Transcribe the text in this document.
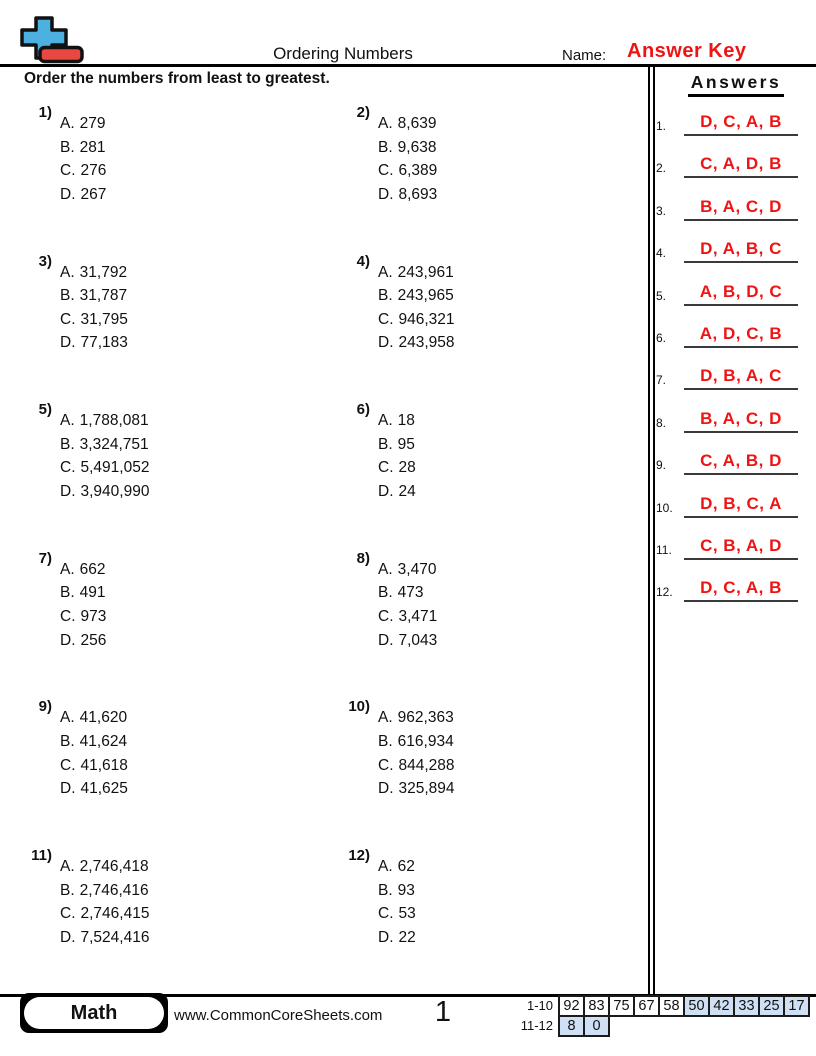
Ordering Numbers	Name: Answer Key
Order the numbers from least to greatest.
1)
A. 279
B. 281
C. 276
D. 267
2)
A. 8,639
B. 9,638
C. 6,389
D. 8,693
3)
A. 31,792
B. 31,787
C. 31,795
D. 77,183
4)
A. 243,961
B. 243,965
C. 946,321
D. 243,958
5)
A. 1,788,081
B. 3,324,751
C. 5,491,052
D. 3,940,990
6)
A. 18
B. 95
C. 28
D. 24
7)
A. 662
B. 491
C. 973
D. 256
8)
A. 3,470
B. 473
C. 3,471
D. 7,043
9)
A. 41,620
B. 41,624
C. 41,618
D. 41,625
10)
A. 962,363
B. 616,934
C. 844,288
D. 325,894
11)
A. 2,746,418
B. 2,746,416
C. 2,746,415
D. 7,524,416
12)
A. 62
B. 93
C. 53
D. 22
Answers
1.	D, C, A, B
2.	C, A, D, B
3.	B, A, C, D
4.	D, A, B, C
5.	A, B, D, C
6.	A, D, C, B
7.	D, B, A, C
8.	B, A, C, D
9.	C, A, B, D
10.	D, B, C, A
11.	C, B, A, D
12.	D, C, A, B
Math	www.CommonCoreSheets.com 1	1-10 92 83 75 67 58 50 42 33 25 17
11-12 8	0
